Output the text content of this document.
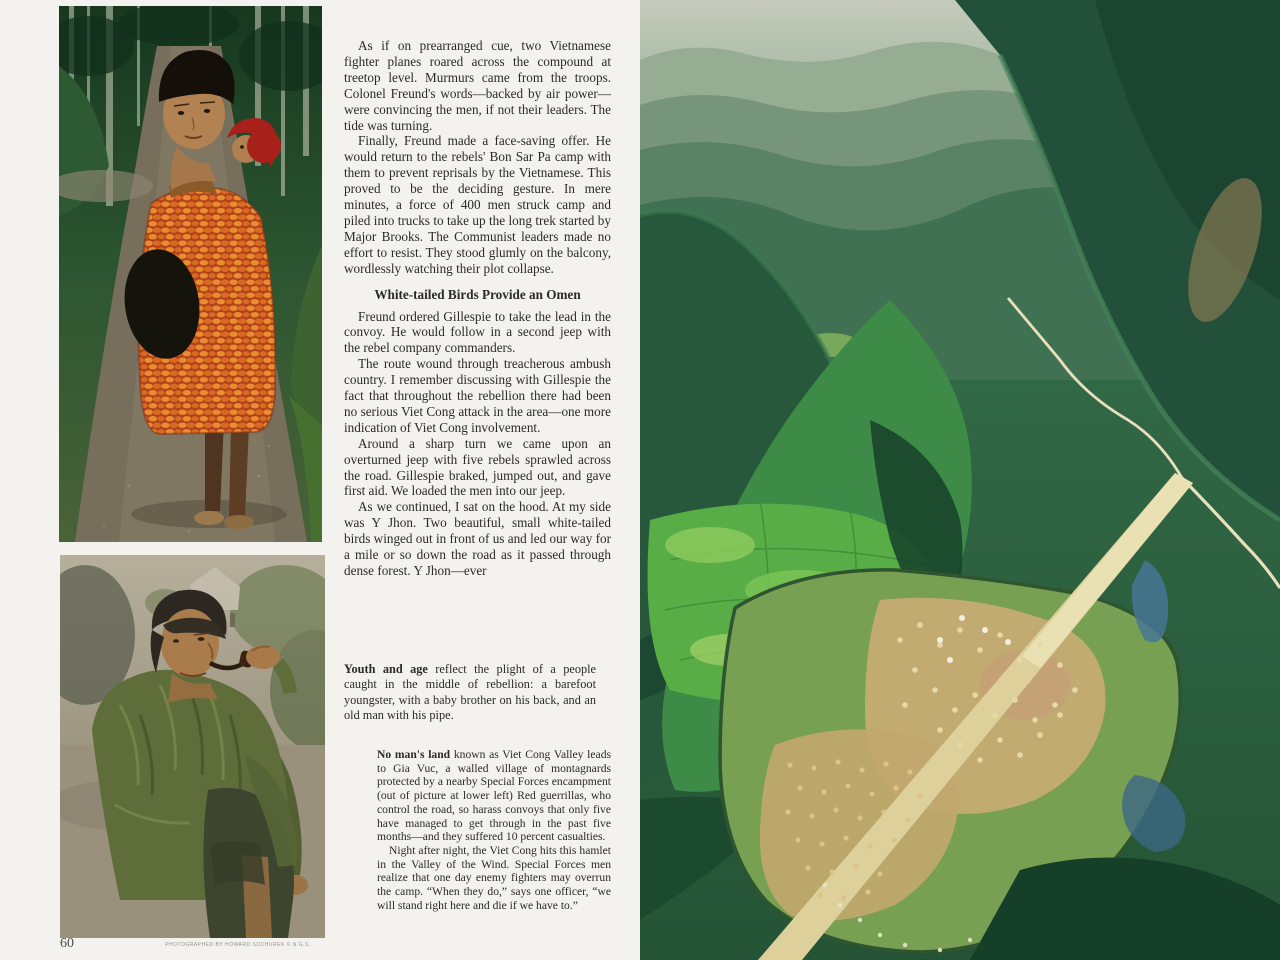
As if on prearranged cue, two Vietnamese fighter planes roared across the compound at treetop level. Murmurs came from the troops. Colonel Freund's words—backed by air power—were convincing the men, if not their leaders. The tide was turning.

Finally, Freund made a face-saving offer. He would return to the rebels' Bon Sar Pa camp with them to prevent reprisals by the Vietnamese. This proved to be the deciding gesture. In mere minutes, a force of 400 men struck camp and piled into trucks to take up the long trek started by Major Brooks. The Communist leaders made no effort to resist. They stood glumly on the balcony, wordlessly watching their plot collapse.

White-tailed Birds Provide an Omen

Freund ordered Gillespie to take the lead in the convoy. He would follow in a second jeep with the rebel company commanders.

The route wound through treacherous ambush country. I remember discussing with Gillespie the fact that throughout the rebellion there had been no serious Viet Cong attack in the area—one more indication of Viet Cong involvement.

Around a sharp turn we came upon an overturned jeep with five rebels sprawled across the road. Gillespie braked, jumped out, and gave first aid. We loaded the men into our jeep.

As we continued, I sat on the hood. At my side was Y Jhon. Two beautiful, small white-tailed birds winged out in front of us and led our way for a mile or so down the road as it passed through dense forest. Y Jhon—ever

Youth and age reflect the plight of a people caught in the middle of rebellion: a barefoot youngster, with a baby brother on his back, and an old man with his pipe.
No man's land known as Viet Cong Valley leads to Gia Vuc, a walled village of montagnards protected by a nearby Special Forces encampment (out of picture at lower left) Red guerrillas, who control the road, so harass convoys that only five have managed to get through in the past five months—and they suffered 10 percent casualties.
Night after night, the Viet Cong hits this hamlet in the Valley of the Wind. Special Forces men realize that one day enemy fighters may overrun the camp. “When they do,” says one officer, “we will stand right here and die if we have to.”
60	PHOTOGRAPHED BY HOWARD SOCHUREK © N.G.S.
